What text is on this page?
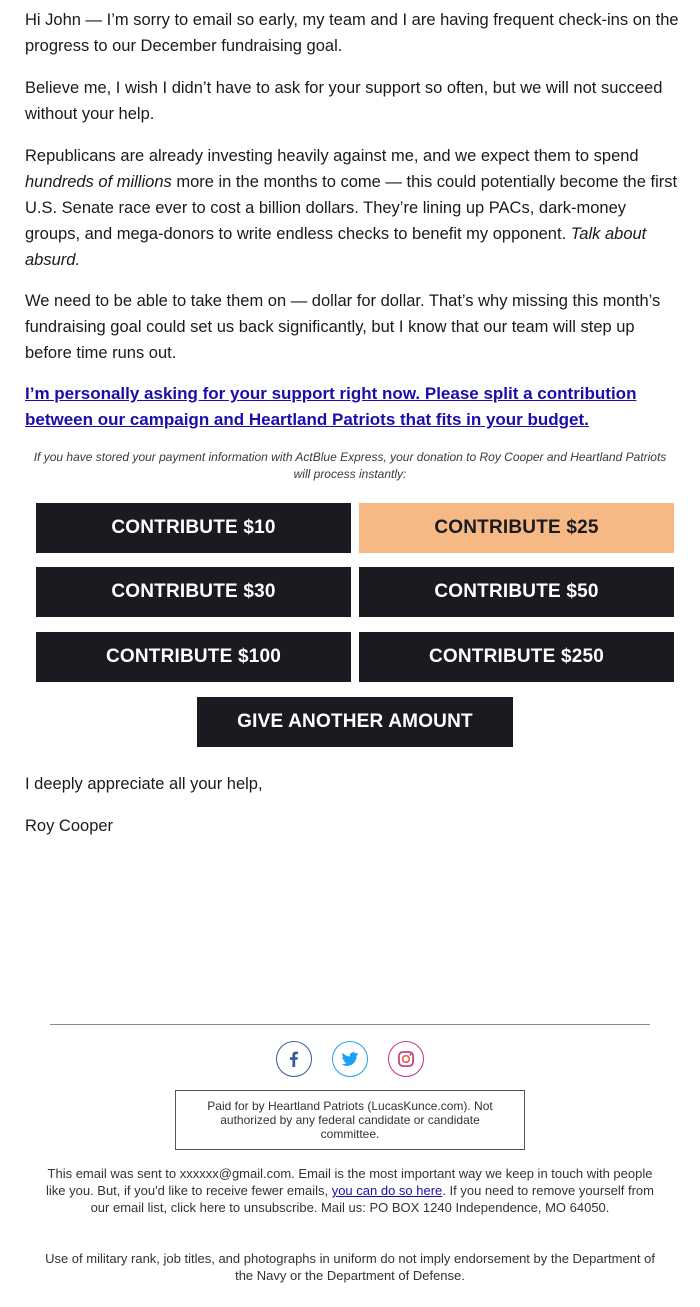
Hi John — I’m sorry to email so early, my team and I are having frequent check-ins on the progress to our December fundraising goal.

Believe me, I wish I didn’t have to ask for your support so often, but we will not succeed without your help.

Republicans are already investing heavily against me, and we expect them to spend hundreds of millions more in the months to come — this could potentially become the first U.S. Senate race ever to cost a billion dollars. They’re lining up PACs, dark-money groups, and mega-donors to write endless checks to benefit my opponent. Talk about absurd.

We need to be able to take them on — dollar for dollar. That’s why missing this month’s fundraising goal could set us back significantly, but I know that our team will step up before time runs out.

I’m personally asking for your support right now. Please split a contribution between our campaign and Heartland Patriots that fits in your budget.
If you have stored your payment information with ActBlue Express, your donation to Roy Cooper and Heartland Patriots will process instantly:
CONTRIBUTE $10	CONTRIBUTE $25
CONTRIBUTE $30	CONTRIBUTE $50
CONTRIBUTE $100	CONTRIBUTE $250
GIVE ANOTHER AMOUNT

I deeply appreciate all your help,

Roy Cooper

Paid for by Heartland Patriots (LucasKunce.com). Not authorized by any federal candidate or candidate committee.
This email was sent to xxxxxx@gmail.com. Email is the most important way we keep in touch with people like you. But, if you'd like to receive fewer emails, you can do so here. If you need to remove yourself from our email list, click here to unsubscribe. Mail us: PO BOX 1240 Independence, MO 64050.
Use of military rank, job titles, and photographs in uniform do not imply endorsement by the Department of the Navy or the Department of Defense.
